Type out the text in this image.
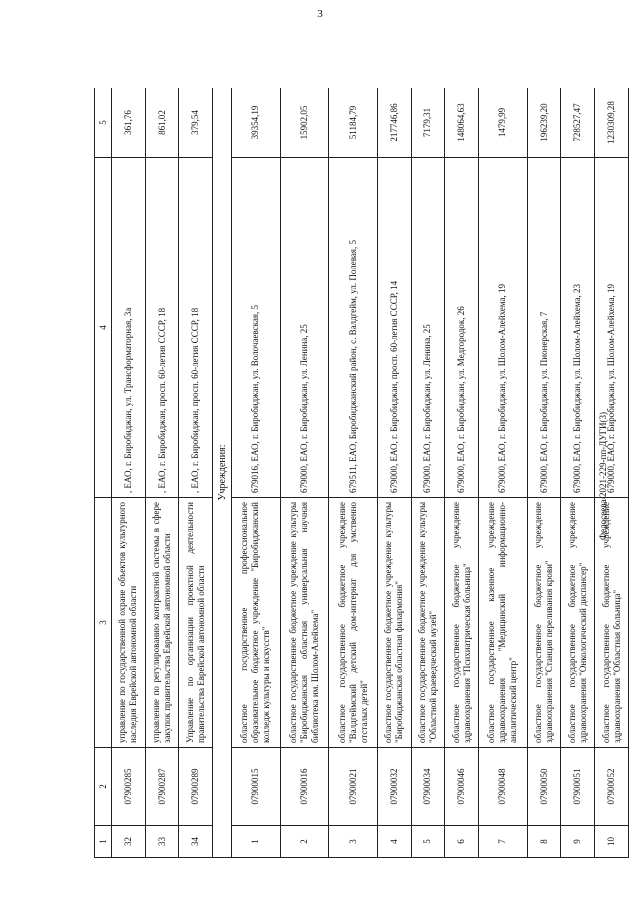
3
1	2	3	4	5
32	07900285	управление по государственной охране объектов культурного наследия Еврейской автономной области	, ЕАО, г. Биробиджан, ул. Трансформаторная, 3а	361,76
33	07900287	управление по регулированию контрактной системы в сфере закупок правительства Еврейской автономной области	, ЕАО, г. Биробиджан, просп. 60-летия СССР, 18	861,02
34	07900289	Управление по организации проектной деятельности правительства Еврейской автономной области	, ЕАО, г. Биробиджан, просп. 60-летия СССР, 18	379,54
Учреждения:				
1	07900015	областное государственное профессиональное образовательное бюджетное учреждение "Биробиджанский колледж культуры и искусств"	679016, ЕАО, г. Биробиджан, ул. Волочаевская, 5	39354,19
2	07900016	областное государственное бюджетное учреждение культуры "Биробиджанская областная универсальная научная библиотека им. Шолом-Алейхема"	679000, ЕАО, г. Биробиджан, ул. Ленина, 25	15902,05
3	07900021	областное государственное бюджетное учреждение "Валдгеймский детский дом-интернат для умственно отсталых детей"	679511, ЕАО, Биробиджанский район, с. Валдгейм, ул. Полевая, 5	51184,79
4	07900032	областное государственное бюджетное учреждение культуры "Биробиджанская областная филармония"	679000, ЕАО, г. Биробиджан, просп. 60-летия СССР, 14	217746,86
5	07900034	областное государственное бюджетное учреждение культуры "Областной краеведческий музей"	679000, ЕАО, г. Биробиджан, ул. Ленина, 25	7179,31
6	07900046	областное государственное бюджетное учреждение здравоохранения "Психиатрическая больница"	679000, ЕАО, г. Биробиджан, ул. Медгородок, 26	148064,63
7	07900048	областное государственное казенное учреждение здравоохранения "Медицинский информационно- аналитический центр"	679000, ЕАО, г. Биробиджан, ул. Шолом-Алейхема, 19	1479,99
8	07900050	областное государственное бюджетное учреждение здравоохранения "Станция переливания крови"	679000, ЕАО, г. Биробиджан, ул. Пионерская, 7	196239,20
9	07900051	областное государственное бюджетное учреждение здравоохранения "Онкологический диспансер"	679000, ЕАО, г. Биробиджан, ул. Шолом-Алейхема, 23	728527,47
10	07900052	областное государственное бюджетное учреждение здравоохранения "Областная больница"	679000, ЕАО, г. Биробиджан, ул. Шолом-Алейхема, 19	1230309,28
Федосеева/2021-229-пп-ДУГИ(3)
